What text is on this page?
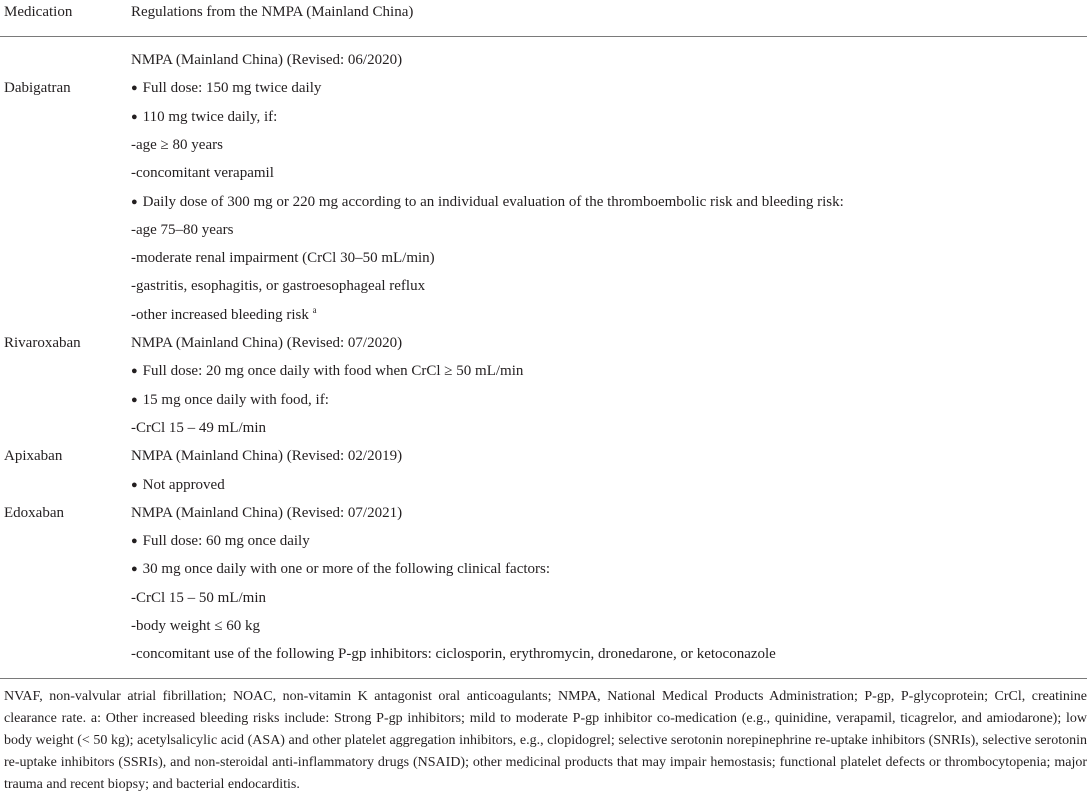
Medication	Regulations from the NMPA (Mainland China)
NMPA (Mainland China) (Revised: 06/2020)
Dabigatran
●	Full dose: 150 mg twice daily
● 110 mg twice daily, if:
-age ≥ 80 years
-concomitant verapamil
● Daily dose of 300 mg or 220 mg according to an individual evaluation of the thromboembolic risk and bleeding risk:
-age 75–80 years
-moderate renal impairment (CrCl 30–50 mL/min)
-gastritis, esophagitis, or gastroesophageal reflux
-other increased bleeding risk $^a$
Rivaroxaban	NMPA (Mainland China) (Revised: 07/2020)
● Full dose: 20 mg once daily with food when CrCl ≥ 50 mL/min
● 15 mg once daily with food, if:
-CrCl 15 – 49 mL/min
Apixaban	NMPA (Mainland China) (Revised: 02/2019)
● Not approved
Edoxaban	NMPA (Mainland China) (Revised: 07/2021)
● Full dose: 60 mg once daily
● 30 mg once daily with one or more of the following clinical factors:
-CrCl 15 – 50 mL/min
-body weight ≤ 60 kg
-concomitant use of the following P-gp inhibitors: ciclosporin, erythromycin, dronedarone, or ketoconazole
NVAF, non-valvular atrial fibrillation; NOAC, non-vitamin K antagonist oral anticoagulants; NMPA, National Medical Products Administration; P-gp, P-glycoprotein; CrCl, creatinine clearance rate. a: Other increased bleeding risks include: Strong P-gp inhibitors; mild to moderate P-gp inhibitor co-medication (e.g., quinidine, verapamil, ticagrelor, and amiodarone); low body weight (< 50 kg); acetylsalicylic acid (ASA) and other platelet aggregation inhibitors, e.g., clopidogrel; selective serotonin norepinephrine re-uptake inhibitors (SNRIs), selective serotonin re-uptake inhibitors (SSRIs), and non-steroidal anti-inflammatory drugs (NSAID); other medicinal products that may impair hemostasis; functional platelet defects or thrombocytopenia; major trauma and recent biopsy; and bacterial endocarditis.
